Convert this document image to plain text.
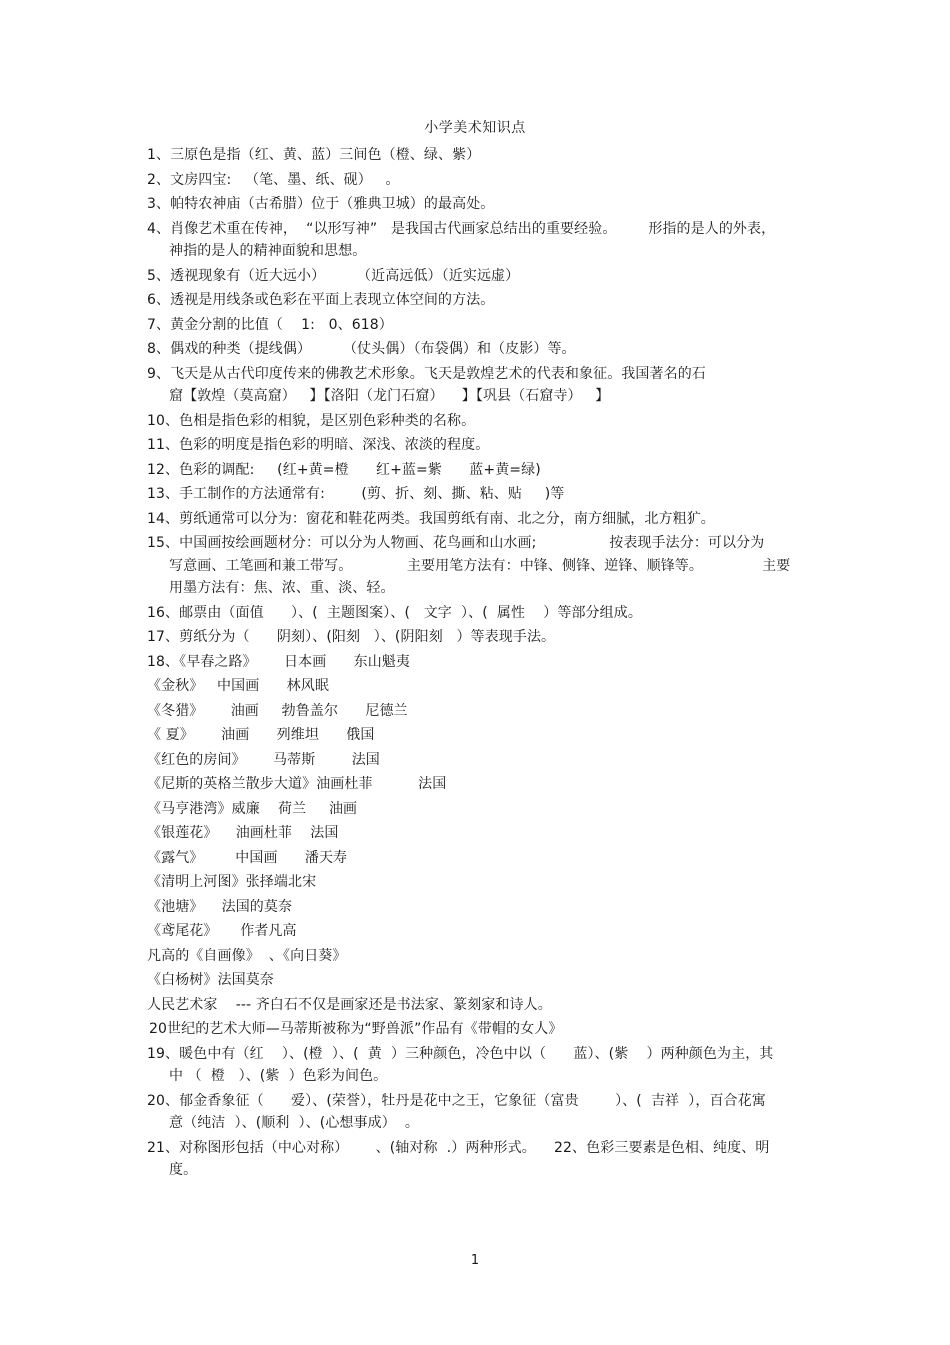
小学美术知识点
1、三原色是指（红、黄、蓝）三间色（橙、绿、紫）
2、文房四宝:   （笔、墨、纸、砚）   。
3、帕特农神庙（古希腊）位于（雅典卫城）的最高处。
4、肖像艺术重在传神，  “以形写神”   是我国古代画家总结出的重要经验。       形指的是人的外表，
神指的是人的精神面貌和思想。
5、透视现象有（近大远小）       （近高远低）（近实远虚）
6、透视是用线条或色彩在平面上表现立体空间的方法。
7、黄金分割的比值（    1:   0、618）
8、偶戏的种类（提线偶）       （仗头偶）（布袋偶）和（皮影）等。
9、飞天是从古代印度传来的佛教艺术形象。飞天是敦煌艺术的代表和象征。我国著名的石
窟【敦煌（莫高窟）   】【洛阳（龙门石窟）    】【巩县（石窟寺）   】
10、色相是指色彩的相貌，是区别色彩种类的名称。
11、色彩的明度是指色彩的明暗、深浅、浓淡的程度。
12、色彩的调配:     (红+黄=橙      红+蓝=紫      蓝+黄=绿)
13、手工制作的方法通常有:        (剪、折、刻、撕、粘、贴     )等
14、剪纸通常可以分为：窗花和鞋花两类。我国剪纸有南、北之分，南方细腻，北方粗犷。
15、中国画按绘画题材分：可以分为人物画、花鸟画和山水画;                按表现手法分：可以分为
写意画、工笔画和兼工带写。            主要用笔方法有：中锋、侧锋、逆锋、顺锋等。             主要
用墨方法有：焦、浓、重、淡、轻。
16、邮票由（面值      ）、(  主题图案）、(   文字  ）、(  属性    ）等部分组成。
17、剪纸分为（      阴刻）、(阳刻   ）、(阴阳刻   ）等表现手法。
18、《早春之路》      日本画      东山魁夷
《金秋》   中国画      林风眠
《冬猎》      油画     勃鲁盖尔      尼德兰
《 夏》      油画      列维坦      俄国
《红色的房间》      马蒂斯        法国
《尼斯的英格兰散步大道》油画杜菲          法国
《马亨港湾》威廉    荷兰     油画
《银莲花》    油画杜菲    法国
《露气》       中国画      潘天寿
《清明上河图》张择端北宋
《池塘》    法国的莫奈
《鸢尾花》     作者凡高
凡高的《自画像》  、《向日葵》
《白杨树》法国莫奈
人民艺术家    --- 齐白石不仅是画家还是书法家、篆刻家和诗人。
20世纪的艺术大师—马蒂斯被称为“野兽派”作品有《带帽的女人》
19、暖色中有（红    ）、(橙  ）、(  黄  ）三种颜色，冷色中以（      蓝）、(紫    ）两种颜色为主，其
中 （  橙   ）、(紫  ）色彩为间色。
20、郁金香象征（      爱）、(荣誉），牡丹是花中之王，它象征（富贵        ）、(  吉祥  ），百合花寓
意（纯洁  ）、(顺利  ）、(心想事成）  。
21、对称图形包括（中心对称）      、(轴对称  .）两种形式。    22、色彩三要素是色相、纯度、明
度。
1
